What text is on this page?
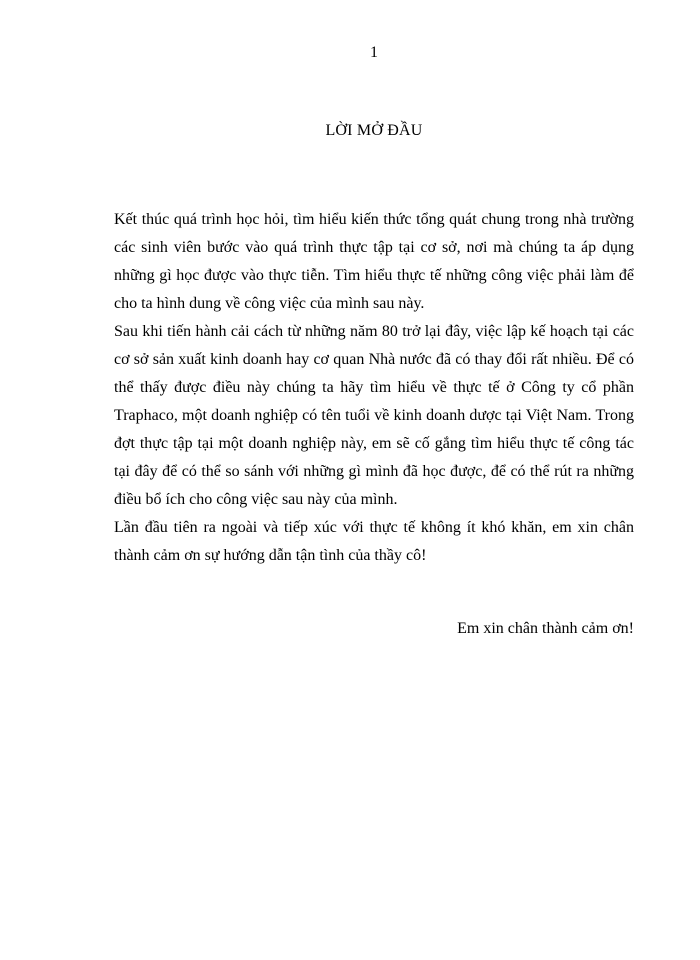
1
LỜI MỞ ĐẦU

Kết thúc quá trình học hỏi, tìm hiểu kiến thức tổng quát chung trong nhà trường các sinh viên bước vào quá trình thực tập tại cơ sở, nơi mà chúng ta áp dụng những gì học được vào thực tiễn. Tìm hiểu thực tế những công việc phải làm để cho ta hình dung về công việc của mình sau này.

Sau khi tiến hành cải cách từ những năm 80 trở lại đây, việc lập kế hoạch tại các cơ sở sản xuất kinh doanh hay cơ quan Nhà nước đã có thay đổi rất nhiều. Để có thể thấy được điều này chúng ta hãy tìm hiểu về thực tế ở Công ty cổ phần Traphaco, một doanh nghiệp có tên tuổi về kinh doanh dược tại Việt Nam. Trong đợt thực tập tại một doanh nghiệp này, em sẽ cố gắng tìm hiểu thực tế công tác tại đây để có thể so sánh với những gì mình đã học được, để có thể rút ra những điều bổ ích cho công việc sau này của mình.

Lần đầu tiên ra ngoài và tiếp xúc với thực tế không ít khó khăn, em xin chân thành cảm ơn sự hướng dẫn tận tình của thầy cô!

Em xin chân thành cảm ơn!
